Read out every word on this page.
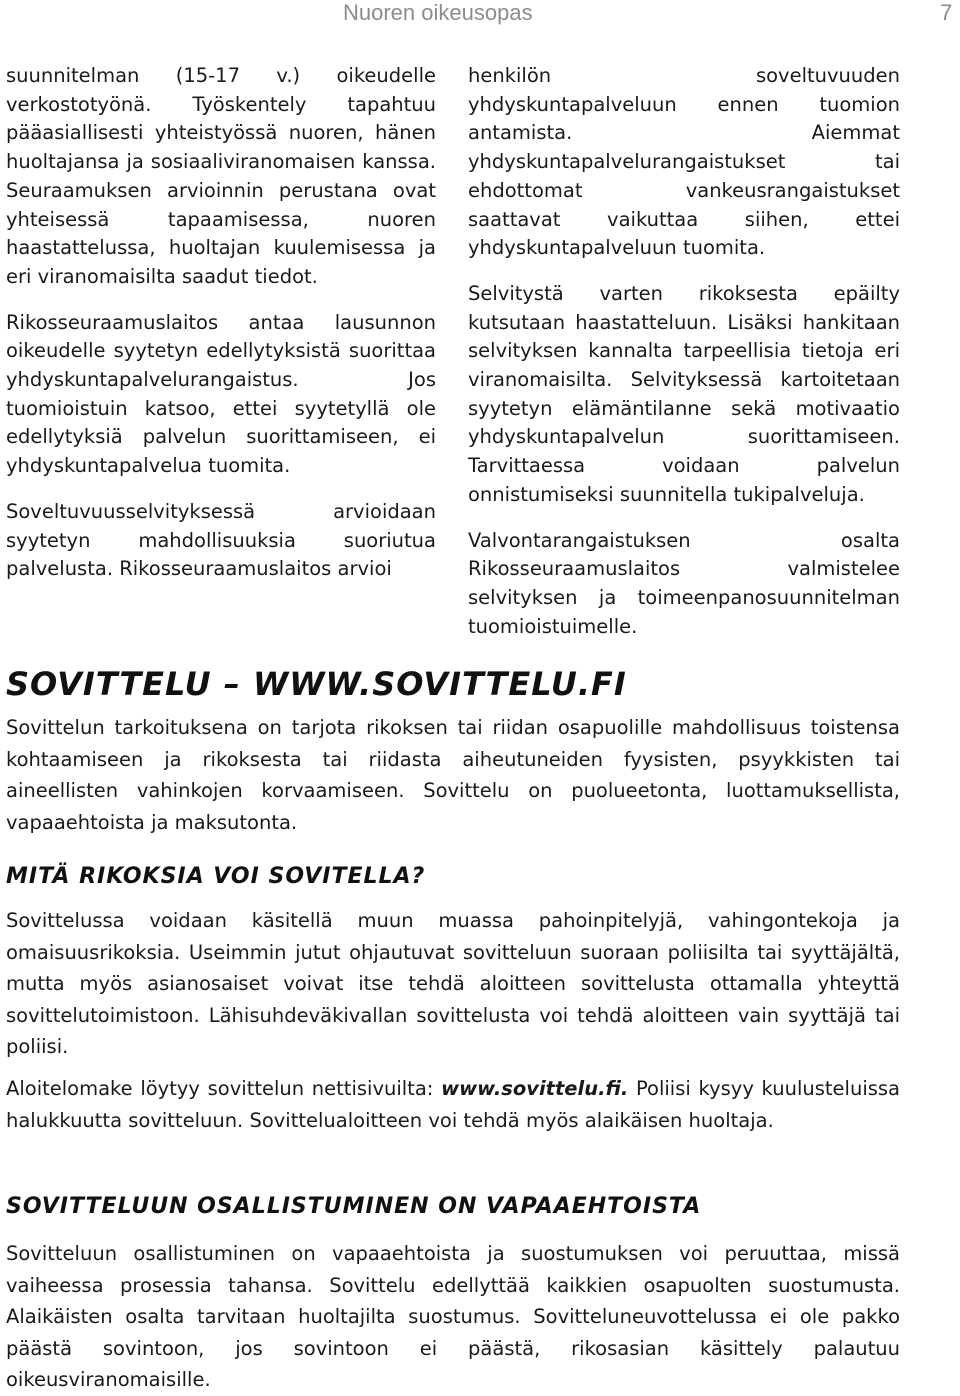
Nuoren oikeusopas	7

suunnitelman (15-17 v.) oikeudelle verkostotyönä. Työskentely tapahtuu pääasiallisesti yhteistyössä nuoren, hänen huoltajansa ja sosiaaliviranomaisen kanssa. Seuraamuksen arvioinnin perustana ovat yhteisessä tapaamisessa, nuoren haastattelussa, huoltajan kuulemisessa ja eri viranomaisilta saadut tiedot.

Rikosseuraamuslaitos antaa lausunnon oikeudelle syytetyn edellytyksistä suorittaa yhdyskuntapalvelurangaistus. Jos tuomioistuin katsoo, ettei syytetyllä ole edellytyksiä palvelun suorittamiseen, ei yhdyskuntapalvelua tuomita.

Soveltuvuusselvityksessä arvioidaan syytetyn mahdollisuuksia suoriutua palvelusta. Rikosseuraamuslaitos arvioi

henkilön soveltuvuuden yhdyskuntapalveluun ennen tuomion antamista. Aiemmat yhdyskuntapalvelurangaistukset tai ehdottomat vankeusrangaistukset saattavat vaikuttaa siihen, ettei yhdyskuntapalveluun tuomita.

Selvitystä varten rikoksesta epäilty kutsutaan haastatteluun. Lisäksi hankitaan selvityksen kannalta tarpeellisia tietoja eri viranomaisilta. Selvityksessä kartoitetaan syytetyn elämäntilanne sekä motivaatio yhdyskuntapalvelun suorittamiseen. Tarvittaessa voidaan palvelun onnistumiseksi suunnitella tukipalveluja.

Valvontarangaistuksen osalta Rikosseuraamuslaitos valmistelee selvityksen ja toimeenpanosuunnitelman tuomioistuimelle.

SOVITTELU – WWW.SOVITTELU.FI

Sovittelun tarkoituksena on tarjota rikoksen tai riidan osapuolille mahdollisuus toistensa kohtaamiseen ja rikoksesta tai riidasta aiheutuneiden fyysisten, psyykkisten tai aineellisten vahinkojen korvaamiseen. Sovittelu on puolueetonta, luottamuksellista, vapaaehtoista ja maksutonta.

MITÄ RIKOKSIA VOI SOVITELLA?

Sovittelussa voidaan käsitellä muun muassa pahoinpitelyjä, vahingontekoja ja omaisuusrikoksia. Useimmin jutut ohjautuvat sovitteluun suoraan poliisilta tai syyttäjältä, mutta myös asianosaiset voivat itse tehdä aloitteen sovittelusta ottamalla yhteyttä sovittelutoimistoon. Lähisuhdeväkivallan sovittelusta voi tehdä aloitteen vain syyttäjä tai poliisi.

Aloitelomake löytyy sovittelun nettisivuilta: www.sovittelu.fi. Poliisi kysyy kuulusteluissa halukkuutta sovitteluun. Sovittelualoitteen voi tehdä myös alaikäisen huoltaja.

SOVITTELUUN OSALLISTUMINEN ON VAPAAEHTOISTA

Sovitteluun osallistuminen on vapaaehtoista ja suostumuksen voi peruuttaa, missä vaiheessa prosessia tahansa. Sovittelu edellyttää kaikkien osapuolten suostumusta. Alaikäisten osalta tarvitaan huoltajilta suostumus. Sovitteluneuvottelussa ei ole pakko päästä sovintoon, jos sovintoon ei päästä, rikosasian käsittely palautuu oikeusviranomaisille.
